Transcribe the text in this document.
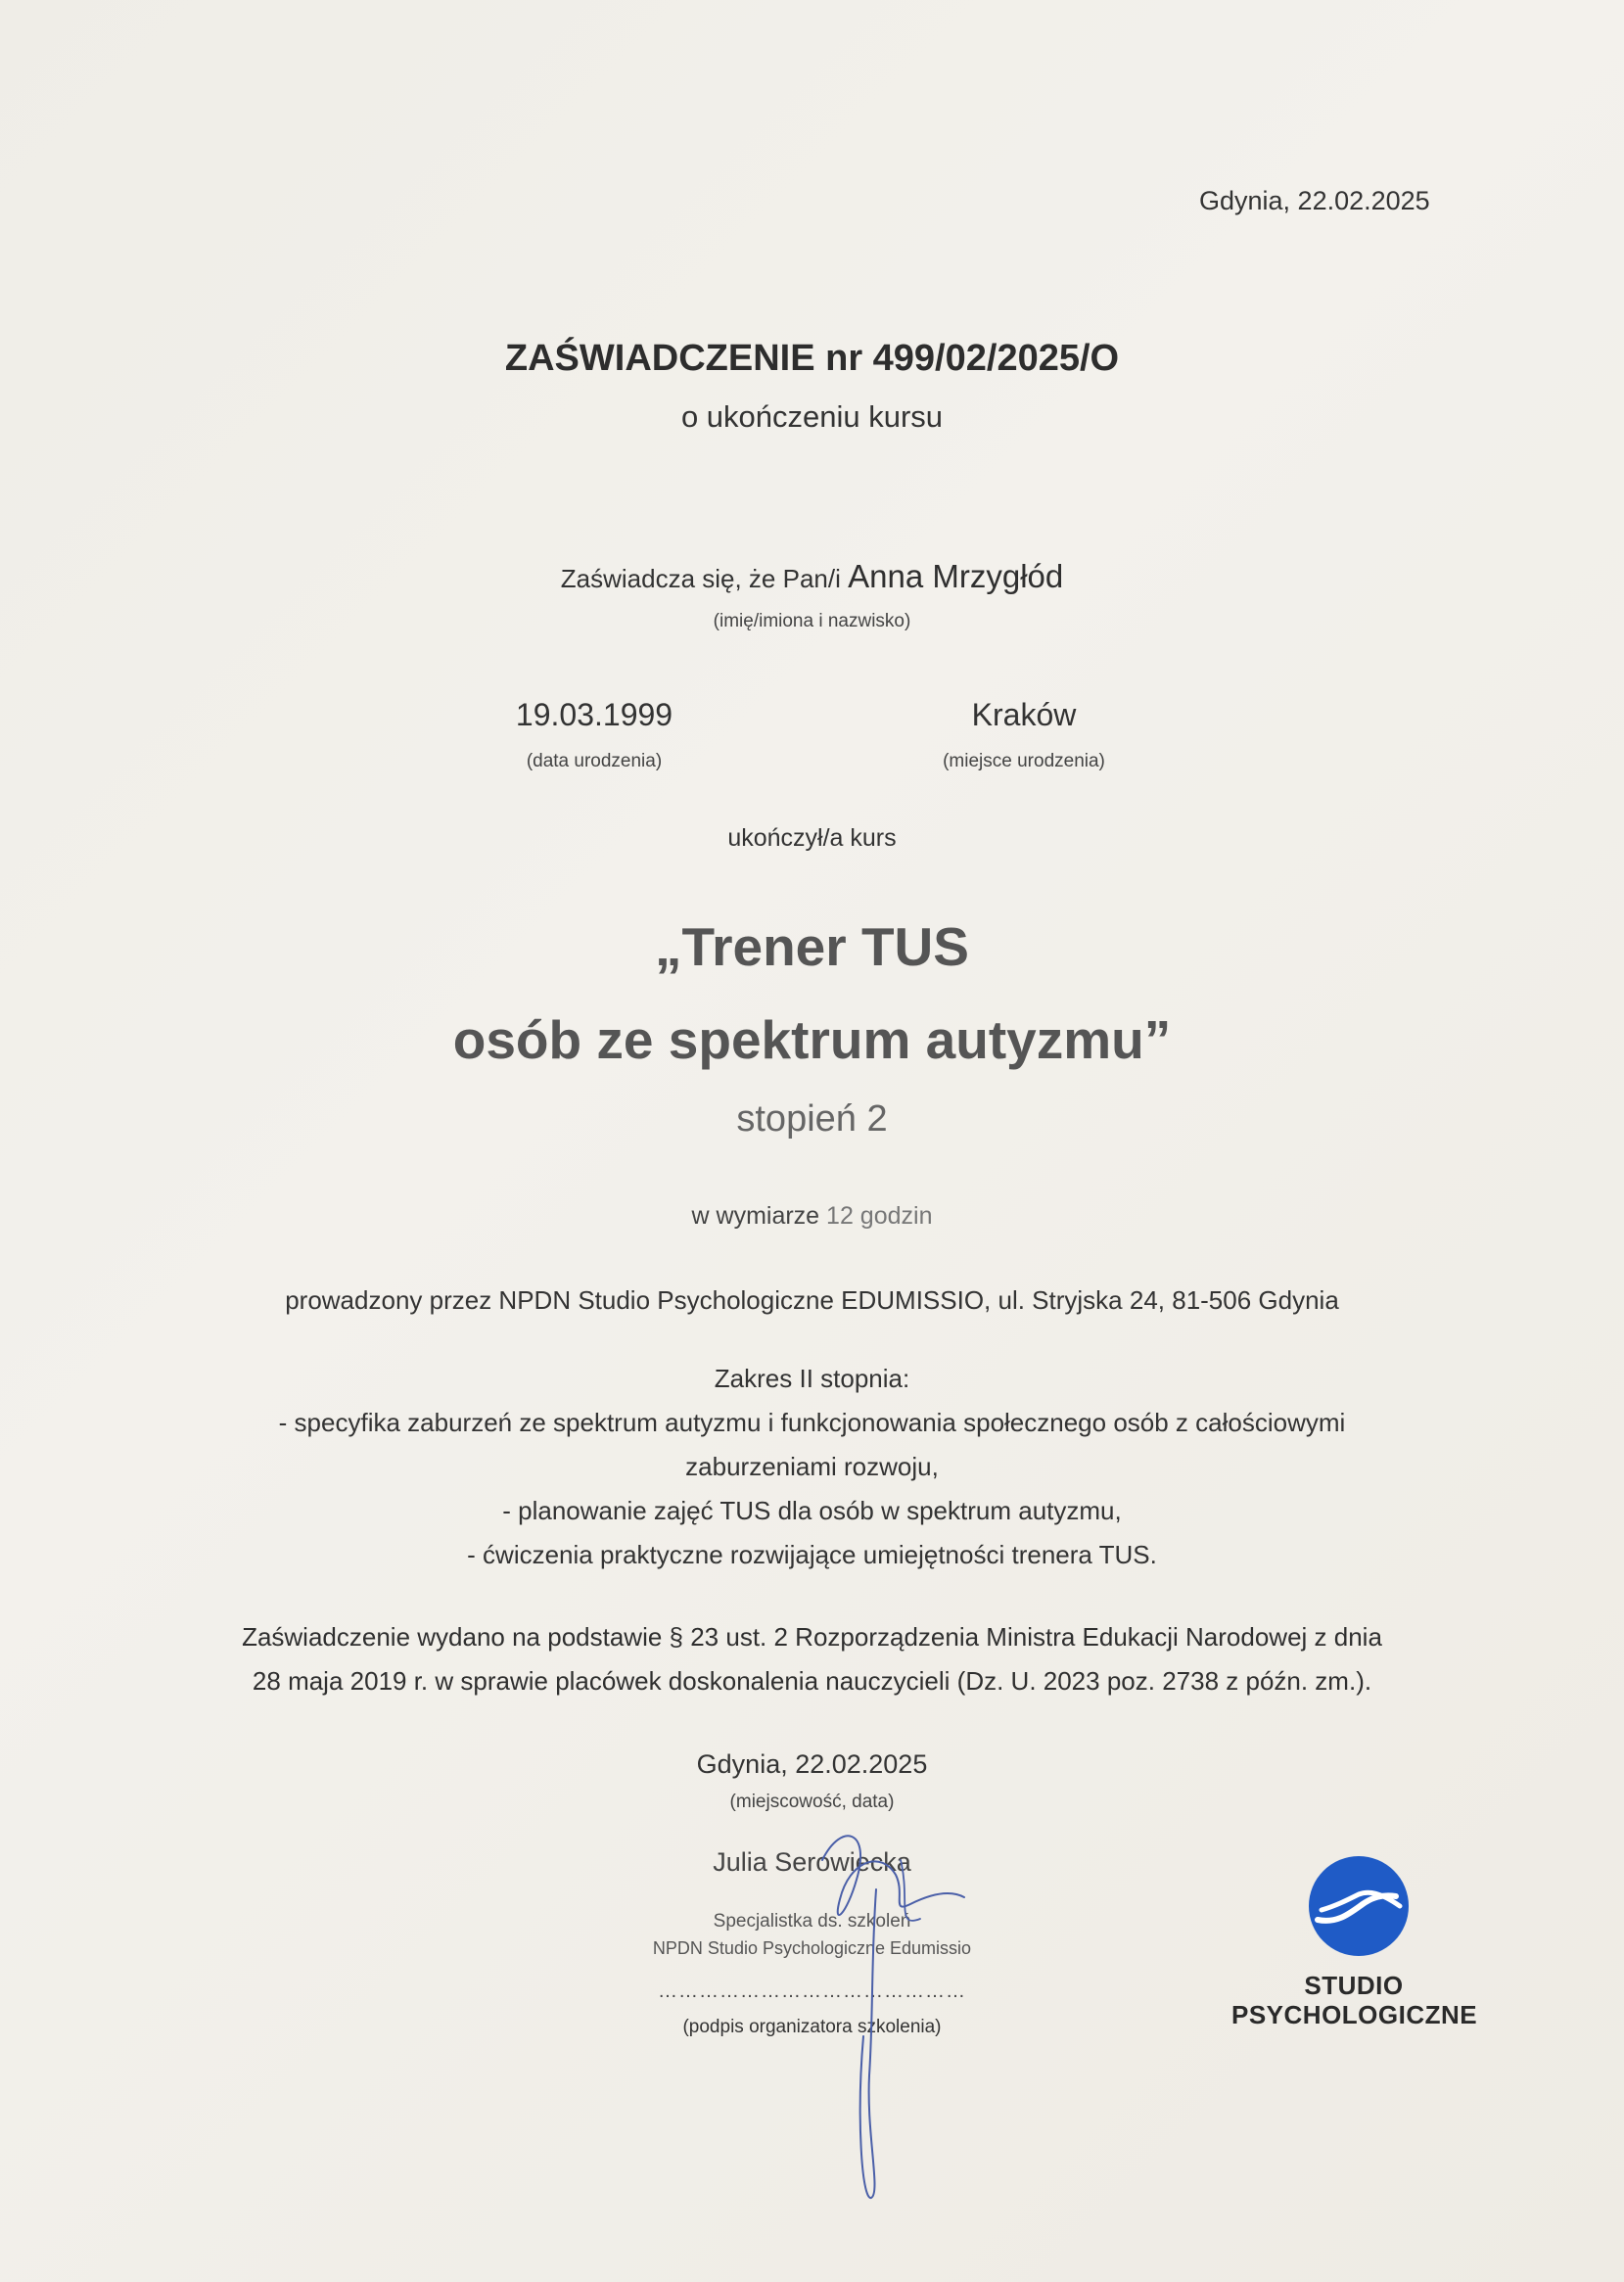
Gdynia, 22.02.2025
ZAŚWIADCZENIE nr 499/02/2025/O
o ukończeniu kursu
Zaświadcza się, że Pan/i Anna Mrzygłód
(imię/imiona i nazwisko)
19.03.1999
(data urodzenia)
Kraków
(miejsce urodzenia)
ukończył/a kurs
„Trener TUS
osób ze spektrum autyzmu”
stopień 2
w wymiarze 12 godzin
prowadzony przez NPDN Studio Psychologiczne EDUMISSIO, ul. Stryjska 24, 81-506 Gdynia
Zakres II stopnia:
- specyfika zaburzeń ze spektrum autyzmu i funkcjonowania społecznego osób z całościowymi
zaburzeniami rozwoju,
- planowanie zajęć TUS dla osób w spektrum autyzmu,
- ćwiczenia praktyczne rozwijające umiejętności trenera TUS.
Zaświadczenie wydano na podstawie § 23 ust. 2 Rozporządzenia Ministra Edukacji Narodowej z dnia
28 maja 2019 r. w sprawie placówek doskonalenia nauczycieli (Dz. U. 2023 poz. 2738 z późn. zm.).
Gdynia, 22.02.2025
(miejscowość, data)
Julia Serowiecka
Specjalistka ds. szkoleń
NPDN Studio Psychologiczne Edumissio
………………………………………
(podpis organizatora szkolenia)
STUDIO
PSYCHOLOGICZNE
